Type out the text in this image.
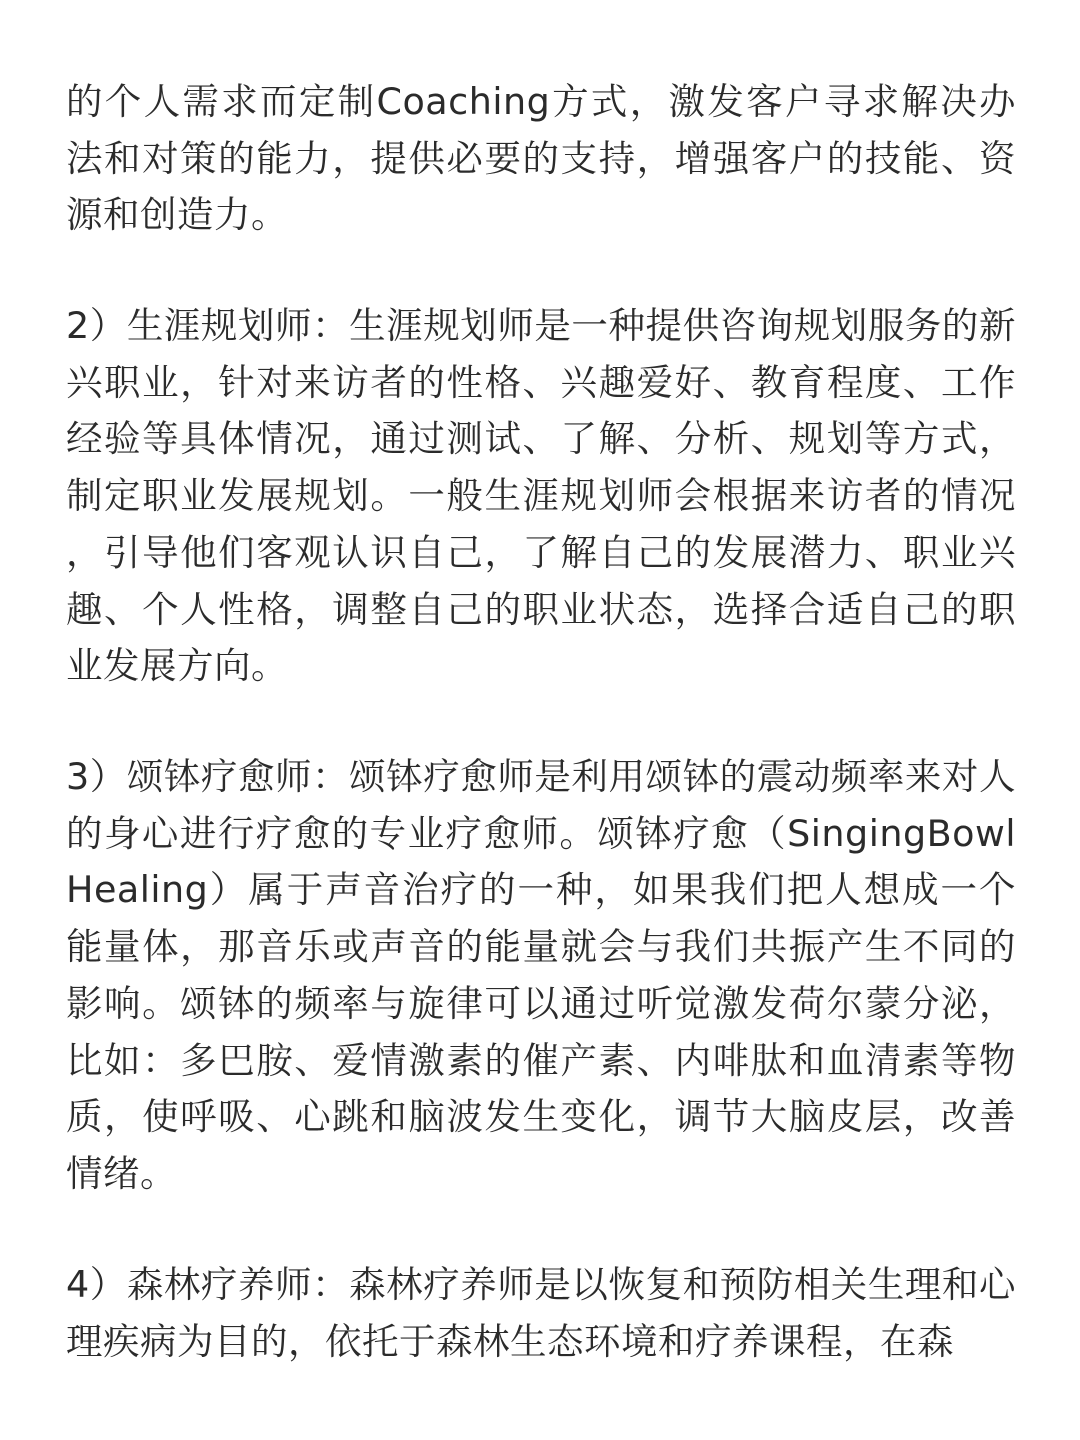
的个人需求而定制Coaching方式，激发客户寻求解决办法和对策的能力，提供必要的支持，增强客户的技能、资源和创造力。

2）生涯规划师：生涯规划师是一种提供咨询规划服务的新兴职业，针对来访者的性格、兴趣爱好、教育程度、工作经验等具体情况，通过测试、了解、分析、规划等方式，制定职业发展规划。一般生涯规划师会根据来访者的情况，引导他们客观认识自己，了解自己的发展潜力、职业兴趣、个人性格，调整自己的职业状态，选择合适自己的职业发展方向。

3）颂钵疗愈师：颂钵疗愈师是利用颂钵的震动频率来对人的身心进行疗愈的专业疗愈师。颂钵疗愈（SingingBowl Healing）属于声音治疗的一种，如果我们把人想成一个能量体，那音乐或声音的能量就会与我们共振产生不同的影响。颂钵的频率与旋律可以通过听觉激发荷尔蒙分泌，比如：多巴胺、爱情激素的催产素、内啡肽和血清素等物质，使呼吸、心跳和脑波发生变化，调节大脑皮层，改善情绪。

4）森林疗养师：森林疗养师是以恢复和预防相关生理和心理疾病为目的，依托于森林生态环境和疗养课程，在森
